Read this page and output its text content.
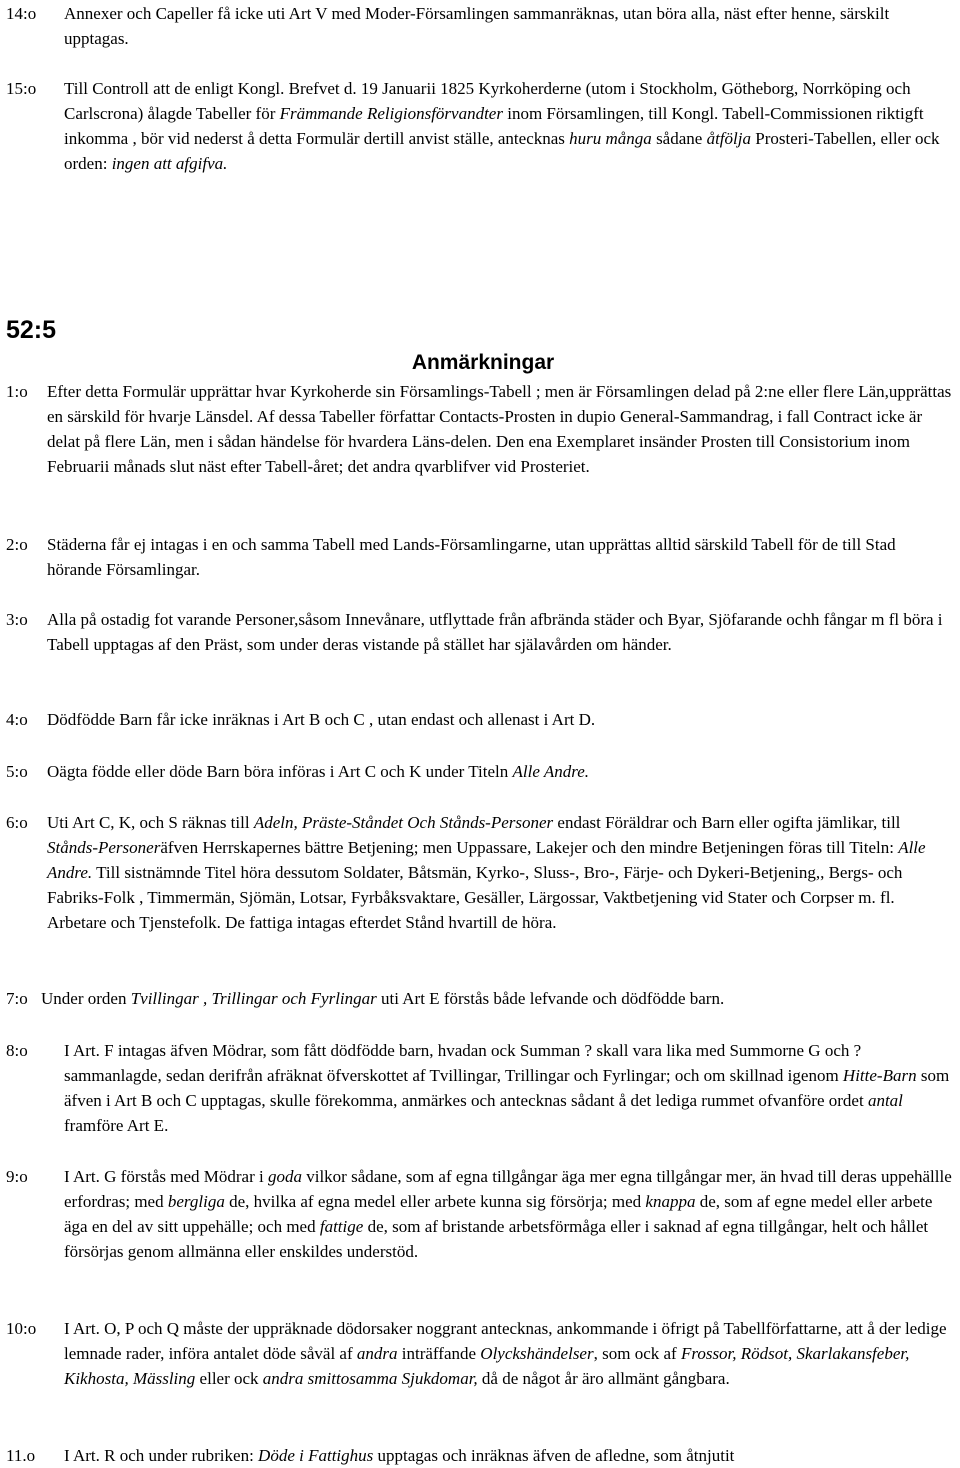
14:o Annexer och Capeller få icke uti Art V med Moder-Församlingen sammanräknas, utan böra alla, näst efter henne, särskilt upptagas.
15:o Till Controll att de enligt Kongl. Brefvet d. 19 Januarii 1825 Kyrkoherderne (utom i Stockholm, Götheborg, Norrköping och Carlscrona) ålagde Tabeller för Främmande Religionsförvandter inom Församlingen, till Kongl. Tabell-Commissionen riktigft inkomma , bör vid nederst å detta Formulär dertill anvist ställe, antecknas huru många sådane åtfölja Prosteri-Tabellen, eller ock orden: ingen att afgifva.
52:5
Anmärkningar
1:o Efter detta Formulär upprättar hvar Kyrkoherde sin Församlings-Tabell ; men är Församlingen delad på 2:ne eller flere Län,upprättas en särskild för hvarje Länsdel. Af dessa Tabeller författar Contacts-Prosten in dupio General-Sammandrag, i fall Contract icke är delat på flere Län, men i sådan händelse för hvardera Läns-delen. Den ena Exemplaret insänder Prosten till Consistorium inom Februarii månads slut näst efter Tabell-året; det andra qvarblifver vid Prosteriet.
2:o Städerna får ej intagas i en och samma Tabell med Lands-Församlingarne, utan upprättas alltid särskild Tabell för de till Stad hörande Församlingar.
3:o Alla på ostadig fot varande Personer,såsom Innevånare, utflyttade från afbrända städer och Byar, Sjöfarande ochh fångar m fl böra i Tabell upptagas af den Präst, som under deras vistande på stället har själavården om händer.
4:o Dödfödde Barn får icke inräknas i Art B och C , utan endast och allenast i Art D.
5:o Oägta födde eller döde Barn böra införas i Art C och K under Titeln Alle Andre.
6:o Uti Art C, K, och S räknas till Adeln, Präste-Ståndet Och Stånds-Personer endast Föräldrar och Barn eller ogifta jämlikar, till Stånds-Personeräfven Herrskapernes bättre Betjening; men Uppassare, Lakejer och den mindre Betjeningen föras till Titeln: Alle Andre. Till sistnämnde Titel höra dessutom Soldater, Båtsmän, Kyrko-, Sluss-, Bro-, Färje- och Dykeri-Betjening,, Bergs- och Fabriks-Folk , Timmermän, Sjömän, Lotsar, Fyrbåksvaktare, Gesäller, Lärgossar, Vaktbetjening vid Stater och Corpser m. fl. Arbetare och Tjenstefolk. De fattiga intagas efterdet Stånd hvartill de höra.
7:o Under orden Tvillingar , Trillingar och Fyrlingar uti Art E förstås både lefvande och dödfödde barn.
8:o I Art. F intagas äfven Mödrar, som fått dödfödde barn, hvadan ock Summan ? skall vara lika med Summorne G och ? sammanlagde, sedan derifrån afräknat öfverskottet af Tvillingar, Trillingar och Fyrlingar; och om skillnad igenom Hitte-Barn som äfven i Art B och C upptagas, skulle förekomma, anmärkes och antecknas sådant å det lediga rummet ofvanföre ordet antal framföre Art E.
9:o I Art. G förstås med Mödrar i goda vilkor sådane, som af egna tillgångar äga mer egna tillgångar mer, än hvad till deras uppehällle erfordras; med bergliga de, hvilka af egna medel eller arbete kunna sig försörja; med knappa de, som af egne medel eller arbete äga en del av sitt uppehälle; och med fattige de, som af bristande arbetsförmåga eller i saknad af egna tillgångar, helt och hållet försörjas genom allmänna eller enskildes understöd.
10:o I Art. O, P och Q måste der uppräknade dödorsaker noggrant antecknas, ankommande i öfrigt på Tabellförfattarne, att å der ledige lemnade rader, införa antalet döde såväl af andra inträffande Olyckshändelser, som ock af Frossor, Rödsot, Skarlakansfeber, Kikhosta, Mässling eller ock andra smittosamma Sjukdomar, då de något år äro allmänt gångbara.
11.o I Art. R och under rubriken: Döde i Fattighus upptagas och inräknas äfven de afledne, som åtnjutit
